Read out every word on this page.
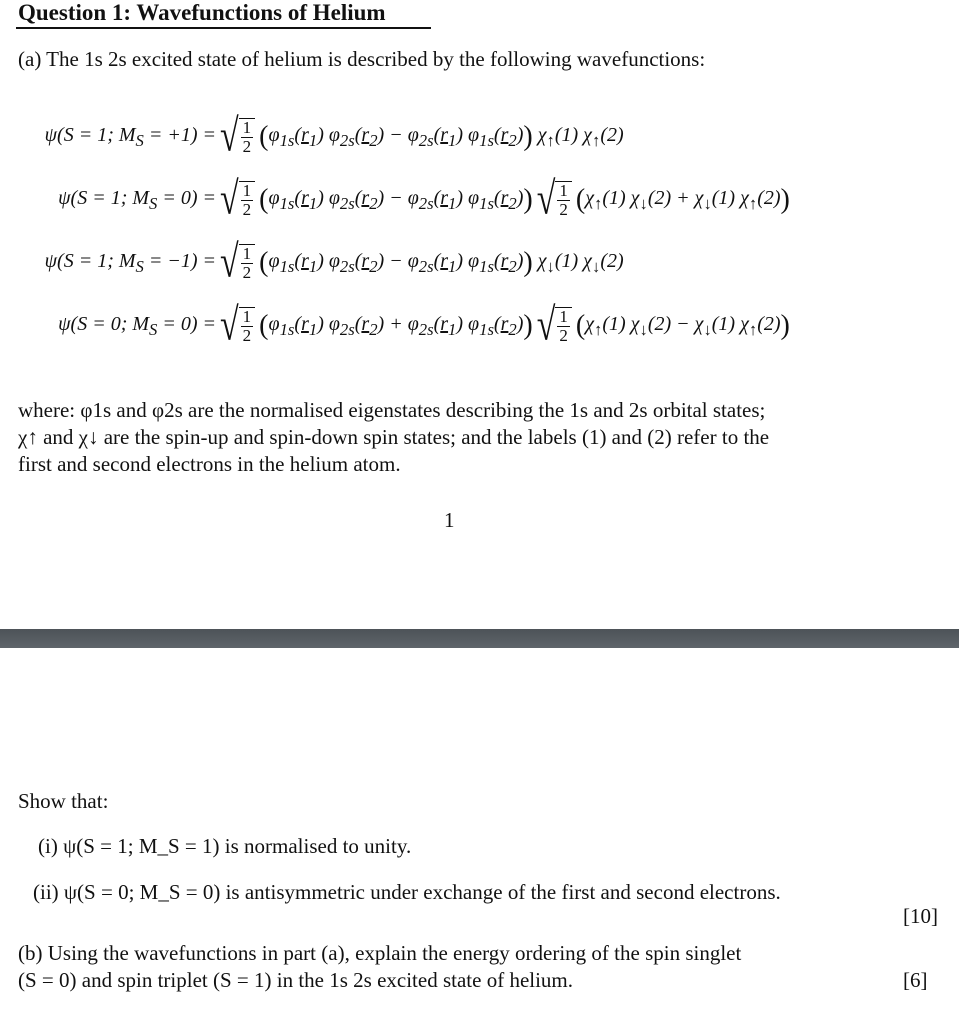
Question 1: Wavefunctions of Helium
(a) The 1s 2s excited state of helium is described by the following wavefunctions:
ψ(S = 1; $M_S = +1$) = √ $\frac{1}{2}$ ( $\varphi_{1s}(r_1) \varphi_{2s}(r_2) - \varphi_{2s}(r_1)$ $\varphi_{1s}(r_2)$ )
$\chi_↑(1)$ $\chi_↑(2)$
ψ(S = 1; $M_S = 0$) = √ $\frac{1}{2}$ ( $\varphi_{1s}(r_1) \varphi_{2s}(r_2) - \varphi_{2s}(r_1)$ $\varphi_{1s}(r_2)$ ) √ $\frac{1}{2}$ ( $\chi_↑(1) \chi_↓(2) + \chi_↓(1)$ $\chi_↑(2)$ )
ψ(S = 1; $M_S = -1$) = √ $\frac{1}{2}$ ( $\varphi_{1s}(r_1) \varphi_{2s}(r_2) - \varphi_{2s}(r_1)$ $\varphi_{1s}(r_2)$ )
$\chi_↓(1)$ $\chi_↓(2)$
ψ(S = 0; $M_S = 0$) = √ $\frac{1}{2}$ ( $\varphi_{1s}(r_1) \varphi_{2s}(r_2) + \varphi_{2s}(r_1)$ $\varphi_{1s}(r_2)$ ) √ $\frac{1}{2}$ ( $\chi_↑(1) \chi_↓(2) - \chi_↓(1)$ $\chi_↑(2)$ )
where: φ1s and φ2s are the normalised eigenstates describing the 1s and 2s orbital states;
χ↑ and χ↓ are the spin-up and spin-down spin states; and the labels (1) and (2) refer to the
first and second electrons in the helium atom.
1
Show that:
(i) ψ(S = 1; M_S = 1) is normalised to unity.
(ii) ψ(S = 0; M_S = 0) is antisymmetric under exchange of the first and second electrons.
[10]
(b) Using the wavefunctions in part (a), explain the energy ordering of the spin singlet
(S = 0) and spin triplet (S = 1) in the 1s 2s excited state of helium.	[6]
